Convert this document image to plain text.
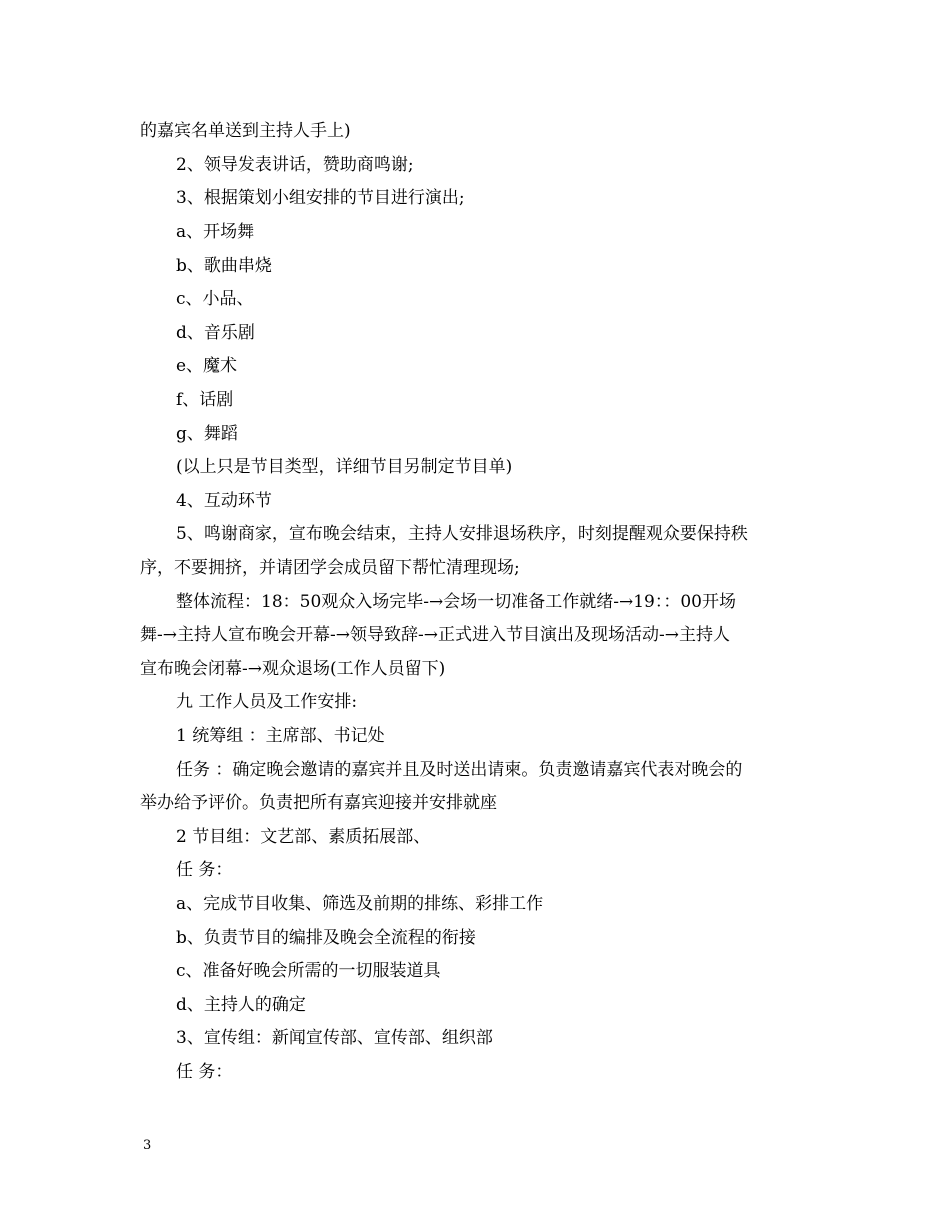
的嘉宾名单送到主持人手上)
2、领导发表讲话，赞助商鸣谢;
3、根据策划小组安排的节目进行演出;
a、开场舞
b、歌曲串烧
c、小品、
d、音乐剧
e、魔术
f、话剧
g、舞蹈
(以上只是节目类型，详细节目另制定节目单)
4、互动环节
5、鸣谢商家，宣布晚会结束，主持人安排退场秩序，时刻提醒观众要保持秩
序，不要拥挤，并请团学会成员留下帮忙清理现场;
整体流程：18：50观众入场完毕-→会场一切准备工作就绪-→19：：00开场
舞-→主持人宣布晚会开幕-→领导致辞-→正式进入节目演出及现场活动-→主持人
宣布晚会闭幕-→观众退场(工作人员留下)
九 工作人员及工作安排:
1 统筹组 ：主席部、书记处
任务 ：确定晚会邀请的嘉宾并且及时送出请柬。负责邀请嘉宾代表对晚会的
举办给予评价。负责把所有嘉宾迎接并安排就座
2 节目组：文艺部、素质拓展部、
任 务：
a、完成节目收集、筛选及前期的排练、彩排工作
b、负责节目的编排及晚会全流程的衔接
c、准备好晚会所需的一切服装道具
d、主持人的确定
3、宣传组：新闻宣传部、宣传部、组织部
任 务：
3
